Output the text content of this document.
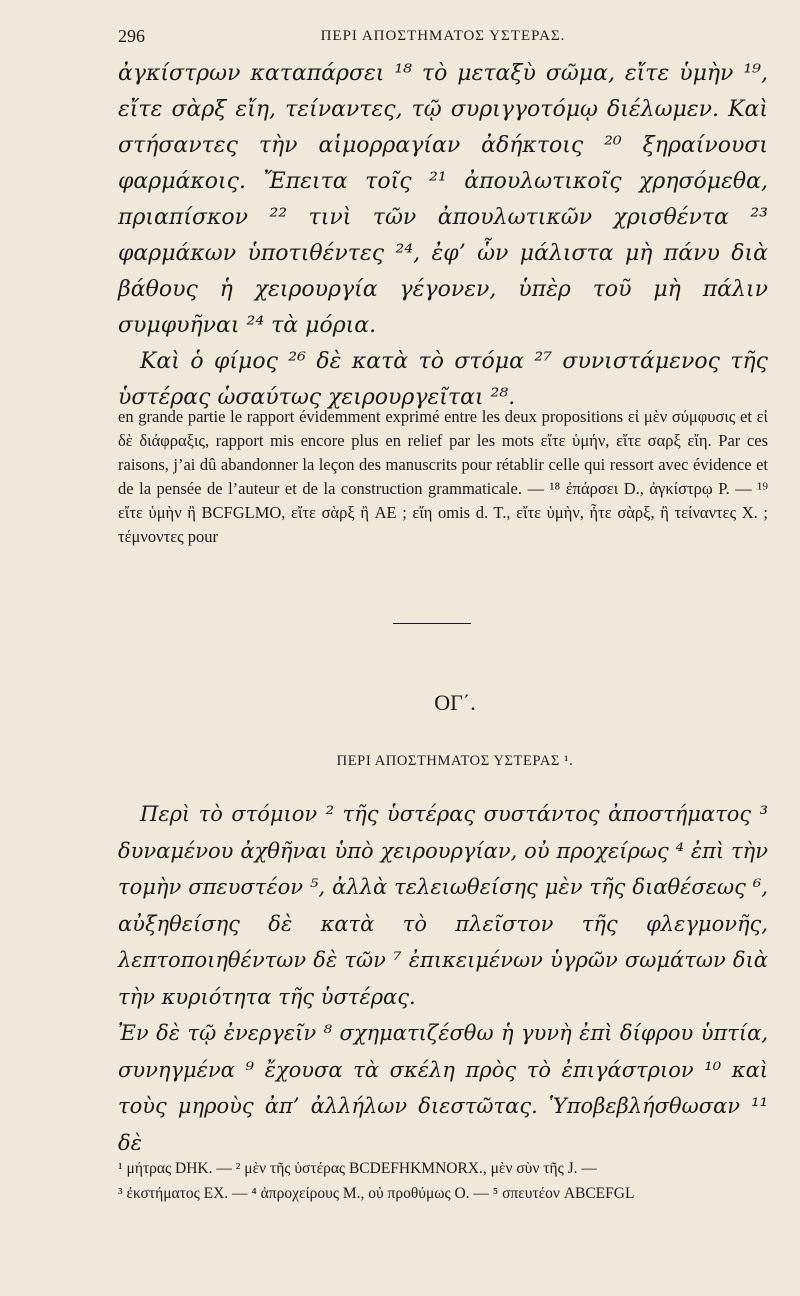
296	ΠΕΡΙ ΑΠΟΣΤΗΜΑΤΟΣ ΥΣΤΕΡΑΣ.

ἀγκίστρων καταπάρσει ¹⁸ τὸ μεταξὺ σῶμα, εἴτε ὑμὴν ¹⁹, εἴτε σὰρξ εἴη, τείναντες, τῷ συριγγοτόμῳ διέλωμεν. Καὶ στήσαντες τὴν αἱμορραγίαν ἀδήκτοις ²⁰ ξηραίνουσι φαρμάκοις. Ἔπειτα τοῖς ²¹ ἀπουλωτικοῖς χρησόμεθα, πριαπίσκον ²² τινὶ τῶν ἀπουλωτικῶν χρισθέντα ²³ φαρμάκων ὑποτιθέντες ²⁴, ἐφ’ ὧν μάλιστα μὴ πάνυ διὰ βάθους ἡ χειρουργία γέγονεν, ὑπὲρ τοῦ μὴ πάλιν συμφυῆναι ²⁴ τὰ μόρια.

Καὶ ὁ φίμος ²⁶ δὲ κατὰ τὸ στόμα ²⁷ συνιστάμενος τῆς ὑστέρας ὡσαύτως χειρουργεῖται ²⁸.

en grande partie le rapport évidemment exprimé entre les deux propositions εἰ μὲν σύμφυσις et εἰ δὲ διάφραξις, rapport mis encore plus en relief par les mots εἴτε ὑμήν, εἴτε σαρξ εἴη. Par ces raisons, j’ai dû abandonner la leçon des manuscrits pour rétablir celle qui ressort avec évidence et de la pensée de l’auteur et de la construction grammaticale. — ¹⁸ ἐπάρσει D., ἀγκίστρῳ P. — ¹⁹ εἴτε ὑμὴν ἢ BCFGLMO, εἴτε σὰρξ ἢ AE ; εἴη omis d. T., εἴτε ὑμὴν, ἦτε σὰρξ, ἢ τείναντες X. ; τέμνοντες pour

ΟΓ΄.
ΠΕΡΙ ΑΠΟΣΤΗΜΑΤΟΣ ΥΣΤΕΡΑΣ ¹.

Περὶ τὸ στόμιον ² τῆς ὑστέρας συστάντος ἀποστήματος ³ δυναμένου ἀχθῆναι ὑπὸ χειρουργίαν, οὐ προχείρως ⁴ ἐπὶ τὴν τομὴν σπευστέον ⁵, ἀλλὰ τελειωθείσης μὲν τῆς διαθέσεως ⁶, αὐξηθείσης δὲ κατὰ τὸ πλεῖστον τῆς φλεγμονῆς, λεπτοποιηθέντων δὲ τῶν ⁷ ἐπικειμένων ὑγρῶν σωμάτων διὰ τὴν κυριότητα τῆς ὑστέρας.

Ἐν δὲ τῷ ἐνεργεῖν ⁸ σχηματιζέσθω ἡ γυνὴ ἐπὶ δίφρου ὑπτία, συνηγμένα ⁹ ἔχουσα τὰ σκέλη πρὸς τὸ ἐπιγάστριον ¹⁰ καὶ τοὺς μηροὺς ἀπ’ ἀλλήλων διεστῶτας. Ὑποβεβλήσθωσαν ¹¹ δὲ

¹ μήτρας DHK. — ² μὲν τῆς ὑστέρας BCDEFHKMNORX., μὲν σὺν τῆς J. —

³ ἐκστήματος EX. — ⁴ ἀπροχείρους M., οὐ προθύμως O. — ⁵ σπευτέον ABCEFGL
